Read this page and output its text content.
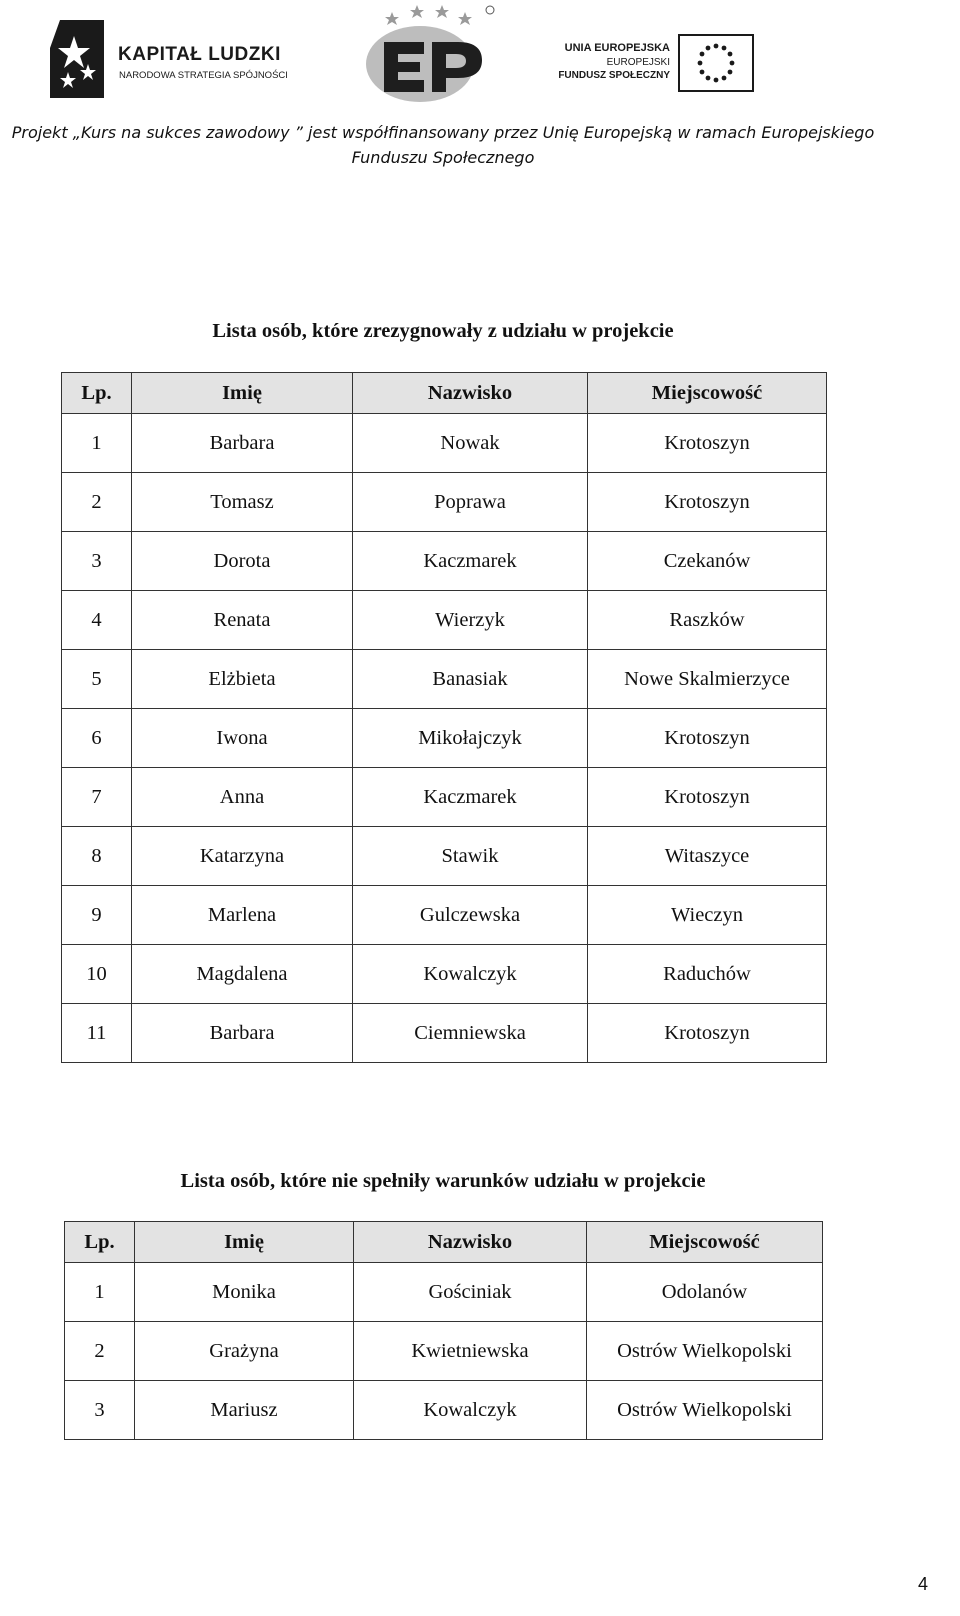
KAPITAŁ LUDZKI
NARODOWA STRATEGIA SPÓJNOŚCI
UNIA EUROPEJSKA
EUROPEJSKI
FUNDUSZ SPOŁECZNY
Projekt „Kurs na sukces zawodowy ” jest współfinansowany przez Unię Europejską w ramach Europejskiego
Funduszu Społecznego
Lista osób, które zrezygnowały z udziału w projekcie
Lp.	Imię	Nazwisko	Miejscowość
1	Barbara	Nowak	Krotoszyn
2	Tomasz	Poprawa	Krotoszyn
3	Dorota	Kaczmarek	Czekanów
4	Renata	Wierzyk	Raszków
5	Elżbieta	Banasiak	Nowe Skalmierzyce
6	Iwona	Mikołajczyk	Krotoszyn
7	Anna	Kaczmarek	Krotoszyn
8	Katarzyna	Stawik	Witaszyce
9	Marlena	Gulczewska	Wieczyn
10	Magdalena	Kowalczyk	Raduchów
11	Barbara	Ciemniewska	Krotoszyn
Lista osób, które nie spełniły warunków udziału w projekcie
Lp.	Imię	Nazwisko	Miejscowość
1	Monika	Gościniak	Odolanów
2	Grażyna	Kwietniewska	Ostrów Wielkopolski
3	Mariusz	Kowalczyk	Ostrów Wielkopolski
4
